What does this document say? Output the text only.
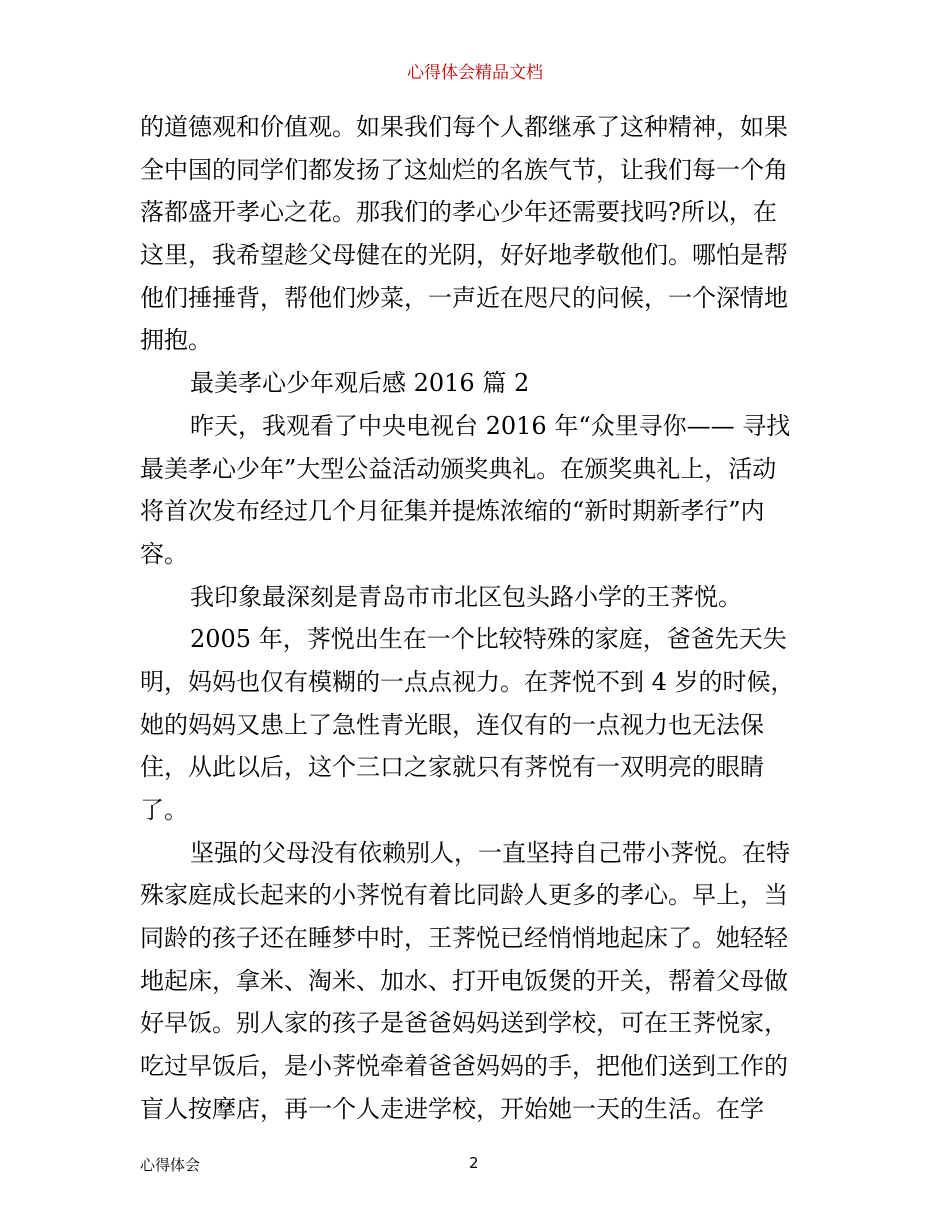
心得体会精品文档
的道德观和价值观。如果我们每个人都继承了这种精神，如果
全中国的同学们都发扬了这灿烂的名族气节，让我们每一个角
落都盛开孝心之花。那我们的孝心少年还需要找吗?所以，在
这里，我希望趁父母健在的光阴，好好地孝敬他们。哪怕是帮
他们捶捶背，帮他们炒菜，一声近在咫尺的问候，一个深情地
拥抱。
最美孝心少年观后感 2016 篇 2
昨天，我观看了中央电视台 2016 年“众里寻你—— 寻找
最美孝心少年”大型公益活动颁奖典礼。在颁奖典礼上，活动
将首次发布经过几个月征集并提炼浓缩的“新时期新孝行”内
容。
我印象最深刻是青岛市市北区包头路小学的王荠悦。
2005 年，荠悦出生在一个比较特殊的家庭，爸爸先天失
明，妈妈也仅有模糊的一点点视力。在荠悦不到 4 岁的时候，
她的妈妈又患上了急性青光眼，连仅有的一点视力也无法保
住，从此以后，这个三口之家就只有荠悦有一双明亮的眼睛
了。
坚强的父母没有依赖别人，一直坚持自己带小荠悦。在特
殊家庭成长起来的小荠悦有着比同龄人更多的孝心。早上，当
同龄的孩子还在睡梦中时，王荠悦已经悄悄地起床了。她轻轻
地起床，拿米、淘米、加水、打开电饭煲的开关，帮着父母做
好早饭。别人家的孩子是爸爸妈妈送到学校，可在王荠悦家，
吃过早饭后，是小荠悦牵着爸爸妈妈的手，把他们送到工作的
盲人按摩店，再一个人走进学校，开始她一天的生活。在学
心得体会	2
